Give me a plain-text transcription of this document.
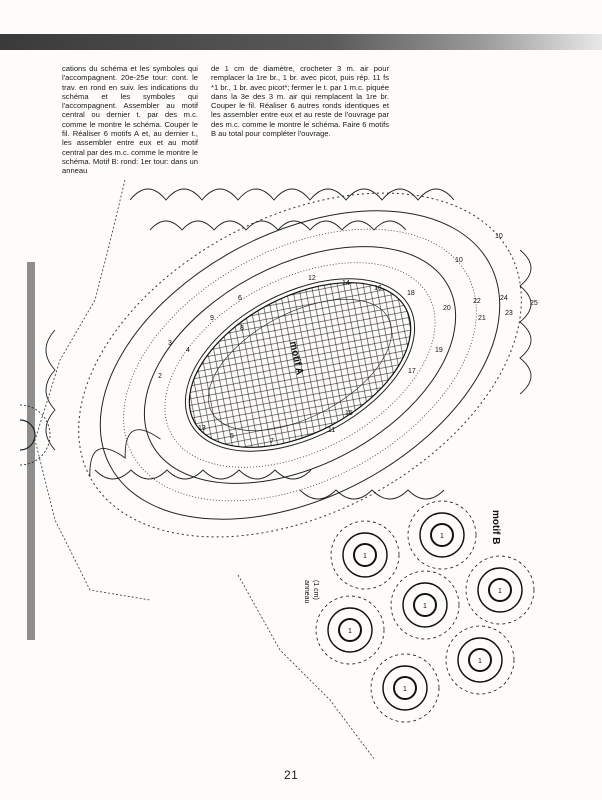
cations du schéma et les symboles qui l'accompagnent. 20e-25e tour: cont. le trav. en rond en suiv. les indications du schéma et les symboles qui l'accompagnent. Assembler au motif central ou dernier t. par des m.c. comme le montre le schéma. Couper le fil. Réaliser 6 motifs A et, au dernier t., les assembler entre eux et au motif central par des m.c. comme le montre le schéma. Motif B: rond: 1er tour: dans un anneau

de 1 cm de diamètre, crocheter 3 m. air pour remplacer la 1re br., 1 br. avec picot, puis rép. 11 fs *1 br., 1 br. avec picot*; fermer le t. par 1 m.c. piquée dans la 3e des 3 m. air qui remplacent la 1re br. Couper le fil. Réaliser 6 autres ronds identiques et les assembler entre eux et au reste de l'ouvrage par des m.c. comme le montre le schéma. Faire 6 motifs B au total pour compléter l'ouvrage.

2
3
4
5
6
7
8
9
10
11
12
13
14
15
16
17
18
19
20
21
22
23
24
25
10
motif A
1
1
1
1
1
1
1
motif B
anneau (1 cm)
21
